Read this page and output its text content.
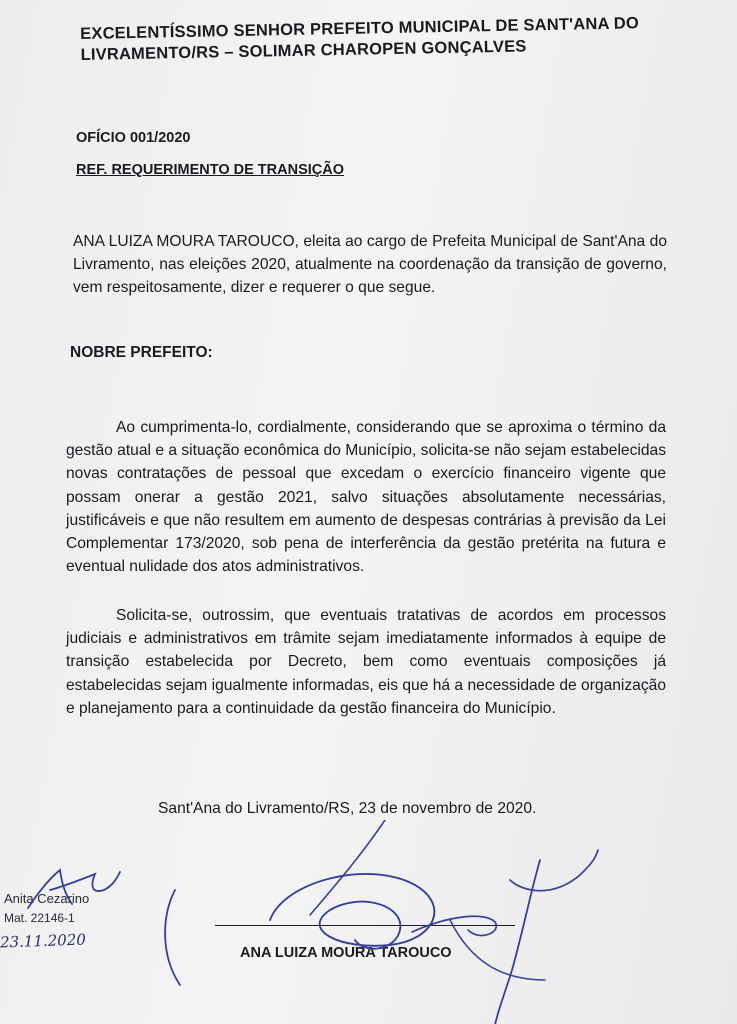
EXCELENTÍSSIMO SENHOR PREFEITO MUNICIPAL DE SANT'ANA DO LIVRAMENTO/RS – SOLIMAR CHAROPEN GONÇALVES
OFÍCIO 001/2020
REF. REQUERIMENTO DE TRANSIÇÃO
ANA LUIZA MOURA TAROUCO, eleita ao cargo de Prefeita Municipal de Sant'Ana do Livramento, nas eleições 2020, atualmente na coordenação da transição de governo, vem respeitosamente, dizer e requerer o que segue.
NOBRE PREFEITO:
Ao cumprimenta-lo, cordialmente, considerando que se aproxima o término da gestão atual e a situação econômica do Município, solicita-se não sejam estabelecidas novas contratações de pessoal que excedam o exercício financeiro vigente que possam onerar a gestão 2021, salvo situações absolutamente necessárias, justificáveis e que não resultem em aumento de despesas contrárias à previsão da Lei Complementar 173/2020, sob pena de interferência da gestão pretérita na futura e eventual nulidade dos atos administrativos.
Solicita-se, outrossim, que eventuais tratativas de acordos em processos judiciais e administrativos em trâmite sejam imediatamente informados à equipe de transição estabelecida por Decreto, bem como eventuais composições já estabelecidas sejam igualmente informadas, eis que há a necessidade de organização e planejamento para a continuidade da gestão financeira do Município.
Sant'Ana do Livramento/RS, 23 de novembro de 2020.
ANA LUIZA MOURA TAROUCO
Anita Cezarino
Mat. 22146-1
23.11.2020
